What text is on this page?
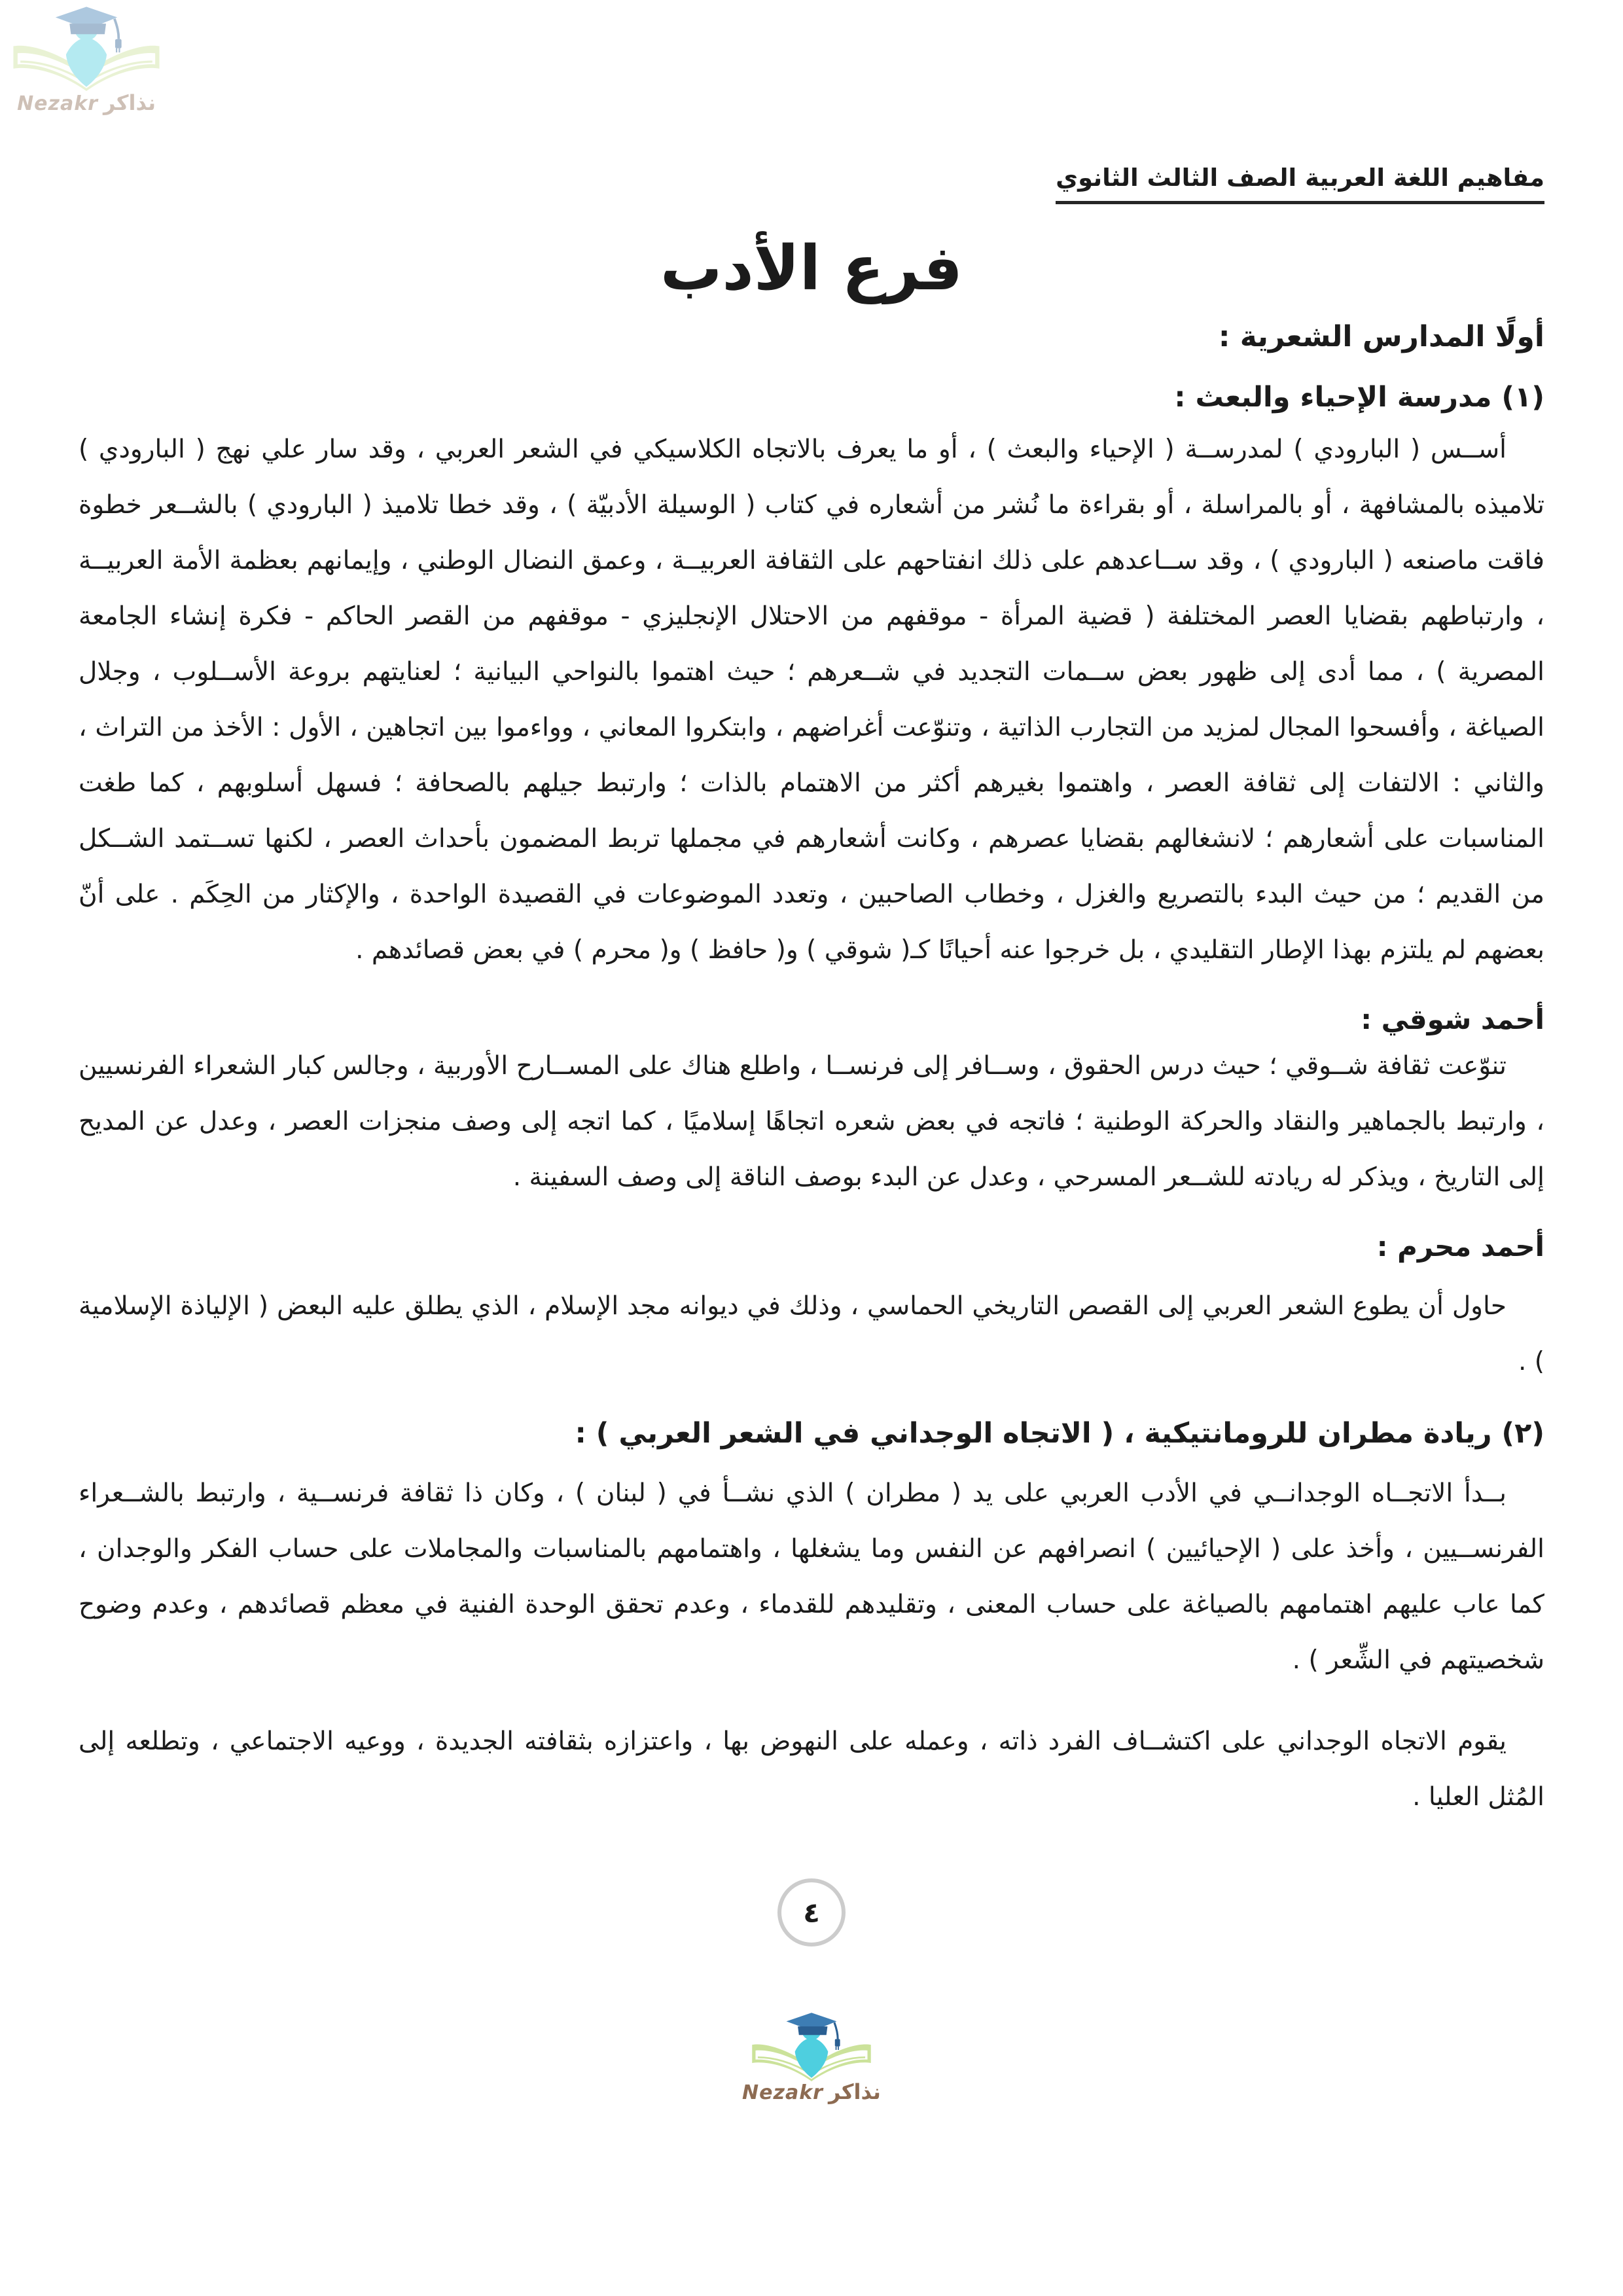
Nezakr نذاكر
مفاهيم اللغة العربية الصف الثالث الثانوي
فرع الأدب
أولًا المدارس الشعرية :
(١) مدرسة الإحياء والبعث :

أســس ( البارودي ) لمدرســة ( الإحياء والبعث ) ، أو ما يعرف بالاتجاه الكلاسيكي في الشعر العربي ، وقد سار علي نهج ( البارودي ) تلاميذه بالمشافهة ، أو بالمراسلة ، أو بقراءة ما نُشر من أشعاره في كتاب ( الوسيلة الأدبيّة ) ، وقد خطا تلاميذ ( البارودي ) بالشــعر خطوة فاقت ماصنعه ( البارودي ) ، وقد ســاعدهم على ذلك انفتاحهم على الثقافة العربيــة ، وعمق النضال الوطني ، وإيمانهم بعظمة الأمة العربيــة ، وارتباطهم بقضايا العصر المختلفة ( قضية المرأة - موقفهم من الاحتلال الإنجليزي - موقفهم من القصر الحاكم - فكرة إنشاء الجامعة المصرية ) ، مما أدى إلى ظهور بعض ســمات التجديد في شــعرهم ؛ حيث اهتموا بالنواحي البيانية ؛ لعنايتهم بروعة الأســلوب ، وجلال الصياغة ، وأفسحوا المجال لمزيد من التجارب الذاتية ، وتنوّعت أغراضهم ، وابتكروا المعاني ، وواءموا بين اتجاهين ، الأول : الأخذ من التراث ، والثاني : الالتفات إلى ثقافة العصر ، واهتموا بغيرهم أكثر من الاهتمام بالذات ؛ وارتبط جيلهم بالصحافة ؛ فسهل أسلوبهم ، كما طغت المناسبات على أشعارهم ؛ لانشغالهم بقضايا عصرهم ، وكانت أشعارهم في مجملها تربط المضمون بأحداث العصر ، لكنها تســتمد الشــكل من القديم ؛ من حيث البدء بالتصريع والغزل ، وخطاب الصاحبين ، وتعدد الموضوعات في القصيدة الواحدة ، والإكثار من الحِكَم . على أنّ بعضهم لم يلتزم بهذا الإطار التقليدي ، بل خرجوا عنه أحيانًا كـ( شوقي ) و( حافظ ) و( محرم ) في بعض قصائدهم .

أحمد شوقي :

تنوّعت ثقافة شــوقي ؛ حيث درس الحقوق ، وســافر إلى فرنســا ، واطلع هناك على المســارح الأوربية ، وجالس كبار الشعراء الفرنسيين ، وارتبط بالجماهير والنقاد والحركة الوطنية ؛ فاتجه في بعض شعره اتجاهًا إسلاميًا ، كما اتجه إلى وصف منجزات العصر ، وعدل عن المديح إلى التاريخ ، ويذكر له ريادته للشــعر المسرحي ، وعدل عن البدء بوصف الناقة إلى وصف السفينة .

أحمد محرم :

حاول أن يطوع الشعر العربي إلى القصص التاريخي الحماسي ، وذلك في ديوانه مجد الإسلام ، الذي يطلق عليه البعض ( الإلياذة الإسلامية ) .

(٢) ريادة مطران للرومانتيكية ، ( الاتجاه الوجداني في الشعر العربي ) :

بــدأ الاتجــاه الوجدانــي في الأدب العربي على يد ( مطران ) الذي نشــأ في ( لبنان ) ، وكان ذا ثقافة فرنســية ، وارتبط بالشــعراء الفرنســيين ، وأخذ على ( الإحيائيين ) انصرافهم عن النفس وما يشغلها ، واهتمامهم بالمناسبات والمجاملات على حساب الفكر والوجدان ، كما عاب عليهم اهتمامهم بالصياغة على حساب المعنى ، وتقليدهم للقدماء ، وعدم تحقق الوحدة الفنية في معظم قصائدهم ، وعدم وضوح شخصيتهم في الشِّعر ) .

يقوم الاتجاه الوجداني على اكتشــاف الفرد ذاته ، وعمله على النهوض بها ، واعتزازه بثقافته الجديدة ، ووعيه الاجتماعي ، وتطلعه إلى المُثل العليا .

٤
Nezakr نذاكر
